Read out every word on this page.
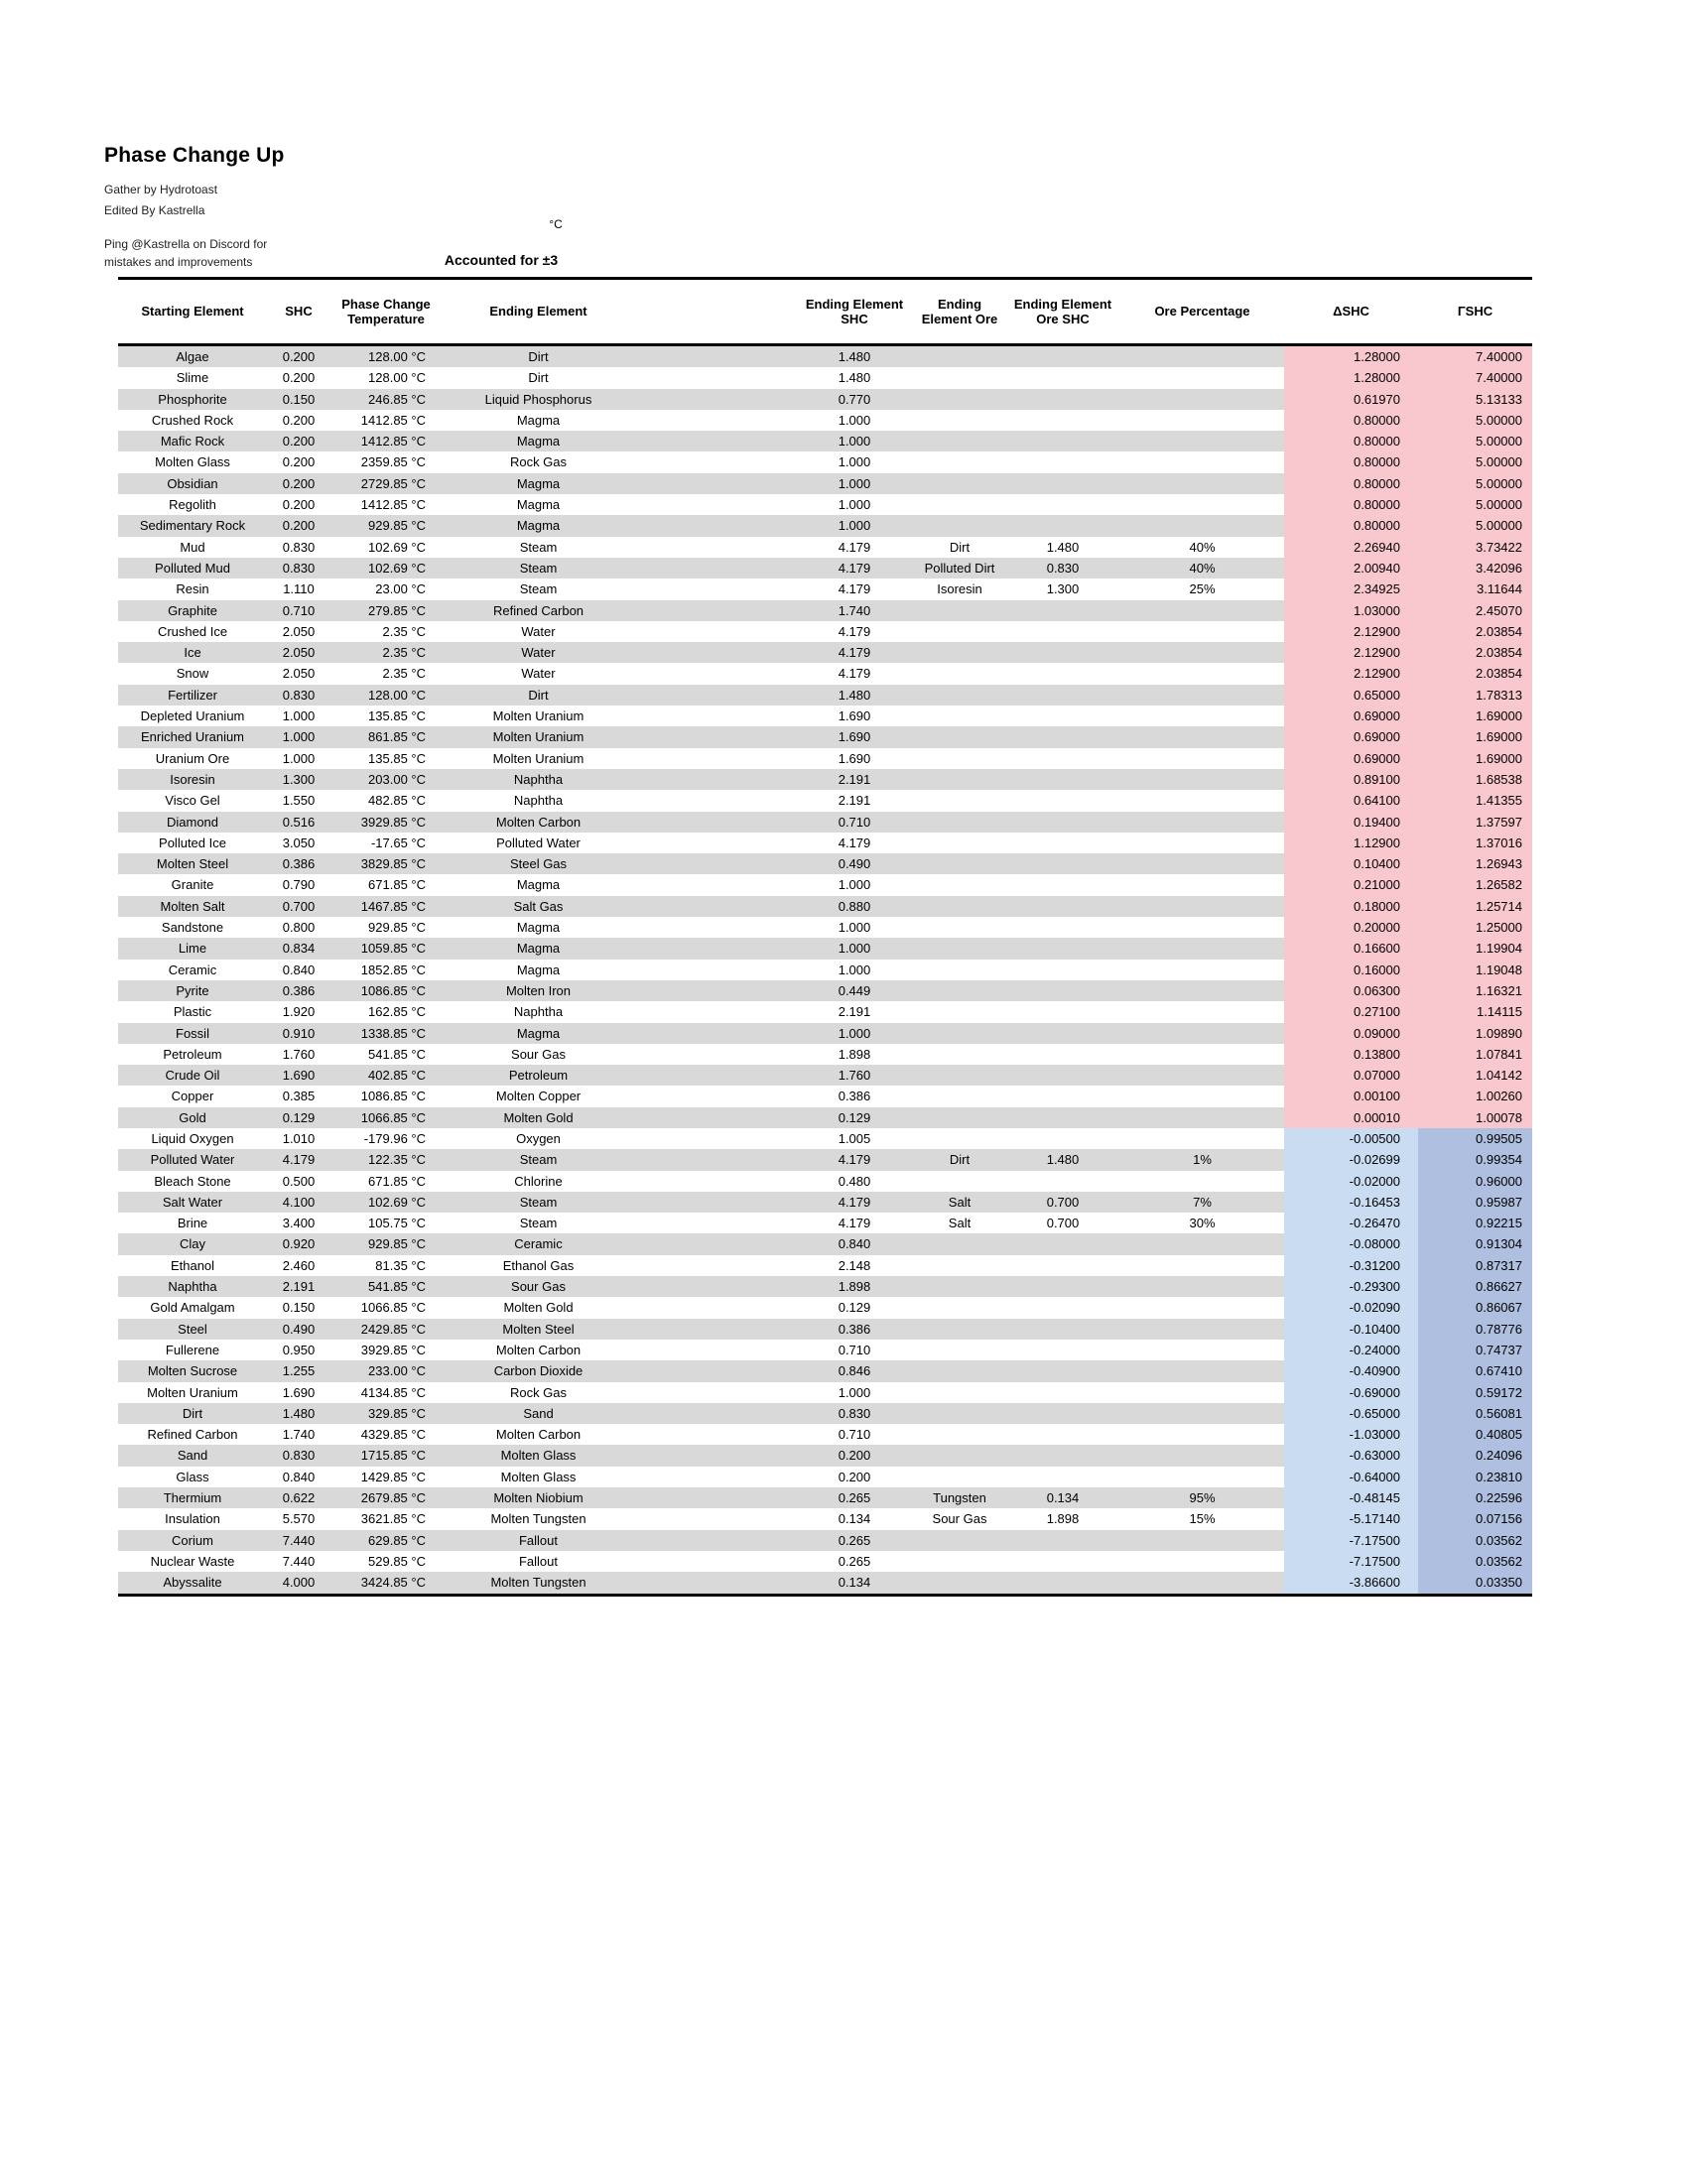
Phase Change Up
Gather by Hydrotoast
Edited By Kastrella
°C
Ping @Kastrella on Discord for
mistakes and improvements	Accounted for ±3
Starting Element	SHC	Phase Change Temperature	Ending Element		Ending Element SHC	Ending Element Ore	Ending Element Ore SHC	Ore Percentage	ΔSHC	ΓSHC
Algae	0.200	128.00 °C	Dirt		1.480				1.28000	7.40000
Slime	0.200	128.00 °C	Dirt		1.480				1.28000	7.40000
Phosphorite	0.150	246.85 °C	Liquid Phosphorus		0.770				0.61970	5.13133
Crushed Rock	0.200	1412.85 °C	Magma		1.000				0.80000	5.00000
Mafic Rock	0.200	1412.85 °C	Magma		1.000				0.80000	5.00000
Molten Glass	0.200	2359.85 °C	Rock Gas		1.000				0.80000	5.00000
Obsidian	0.200	2729.85 °C	Magma		1.000				0.80000	5.00000
Regolith	0.200	1412.85 °C	Magma		1.000				0.80000	5.00000
Sedimentary Rock	0.200	929.85 °C	Magma		1.000				0.80000	5.00000
Mud	0.830	102.69 °C	Steam		4.179	Dirt	1.480	40%	2.26940	3.73422
Polluted Mud	0.830	102.69 °C	Steam		4.179	Polluted Dirt	0.830	40%	2.00940	3.42096
Resin	1.110	23.00 °C	Steam		4.179	Isoresin	1.300	25%	2.34925	3.11644
Graphite	0.710	279.85 °C	Refined Carbon		1.740				1.03000	2.45070
Crushed Ice	2.050	2.35 °C	Water		4.179				2.12900	2.03854
Ice	2.050	2.35 °C	Water		4.179				2.12900	2.03854
Snow	2.050	2.35 °C	Water		4.179				2.12900	2.03854
Fertilizer	0.830	128.00 °C	Dirt		1.480				0.65000	1.78313
Depleted Uranium	1.000	135.85 °C	Molten Uranium		1.690				0.69000	1.69000
Enriched Uranium	1.000	861.85 °C	Molten Uranium		1.690				0.69000	1.69000
Uranium Ore	1.000	135.85 °C	Molten Uranium		1.690				0.69000	1.69000
Isoresin	1.300	203.00 °C	Naphtha		2.191				0.89100	1.68538
Visco Gel	1.550	482.85 °C	Naphtha		2.191				0.64100	1.41355
Diamond	0.516	3929.85 °C	Molten Carbon		0.710				0.19400	1.37597
Polluted Ice	3.050	-17.65 °C	Polluted Water		4.179				1.12900	1.37016
Molten Steel	0.386	3829.85 °C	Steel Gas		0.490				0.10400	1.26943
Granite	0.790	671.85 °C	Magma		1.000				0.21000	1.26582
Molten Salt	0.700	1467.85 °C	Salt Gas		0.880				0.18000	1.25714
Sandstone	0.800	929.85 °C	Magma		1.000				0.20000	1.25000
Lime	0.834	1059.85 °C	Magma		1.000				0.16600	1.19904
Ceramic	0.840	1852.85 °C	Magma		1.000				0.16000	1.19048
Pyrite	0.386	1086.85 °C	Molten Iron		0.449				0.06300	1.16321
Plastic	1.920	162.85 °C	Naphtha		2.191				0.27100	1.14115
Fossil	0.910	1338.85 °C	Magma		1.000				0.09000	1.09890
Petroleum	1.760	541.85 °C	Sour Gas		1.898				0.13800	1.07841
Crude Oil	1.690	402.85 °C	Petroleum		1.760				0.07000	1.04142
Copper	0.385	1086.85 °C	Molten Copper		0.386				0.00100	1.00260
Gold	0.129	1066.85 °C	Molten Gold		0.129				0.00010	1.00078
Liquid Oxygen	1.010	-179.96 °C	Oxygen		1.005				-0.00500	0.99505
Polluted Water	4.179	122.35 °C	Steam		4.179	Dirt	1.480	1%	-0.02699	0.99354
Bleach Stone	0.500	671.85 °C	Chlorine		0.480				-0.02000	0.96000
Salt Water	4.100	102.69 °C	Steam		4.179	Salt	0.700	7%	-0.16453	0.95987
Brine	3.400	105.75 °C	Steam		4.179	Salt	0.700	30%	-0.26470	0.92215
Clay	0.920	929.85 °C	Ceramic		0.840				-0.08000	0.91304
Ethanol	2.460	81.35 °C	Ethanol Gas		2.148				-0.31200	0.87317
Naphtha	2.191	541.85 °C	Sour Gas		1.898				-0.29300	0.86627
Gold Amalgam	0.150	1066.85 °C	Molten Gold		0.129				-0.02090	0.86067
Steel	0.490	2429.85 °C	Molten Steel		0.386				-0.10400	0.78776
Fullerene	0.950	3929.85 °C	Molten Carbon		0.710				-0.24000	0.74737
Molten Sucrose	1.255	233.00 °C	Carbon Dioxide		0.846				-0.40900	0.67410
Molten Uranium	1.690	4134.85 °C	Rock Gas		1.000				-0.69000	0.59172
Dirt	1.480	329.85 °C	Sand		0.830				-0.65000	0.56081
Refined Carbon	1.740	4329.85 °C	Molten Carbon		0.710				-1.03000	0.40805
Sand	0.830	1715.85 °C	Molten Glass		0.200				-0.63000	0.24096
Glass	0.840	1429.85 °C	Molten Glass		0.200				-0.64000	0.23810
Thermium	0.622	2679.85 °C	Molten Niobium		0.265	Tungsten	0.134	95%	-0.48145	0.22596
Insulation	5.570	3621.85 °C	Molten Tungsten		0.134	Sour Gas	1.898	15%	-5.17140	0.07156
Corium	7.440	629.85 °C	Fallout		0.265				-7.17500	0.03562
Nuclear Waste	7.440	529.85 °C	Fallout		0.265				-7.17500	0.03562
Abyssalite	4.000	3424.85 °C	Molten Tungsten		0.134				-3.86600	0.03350
